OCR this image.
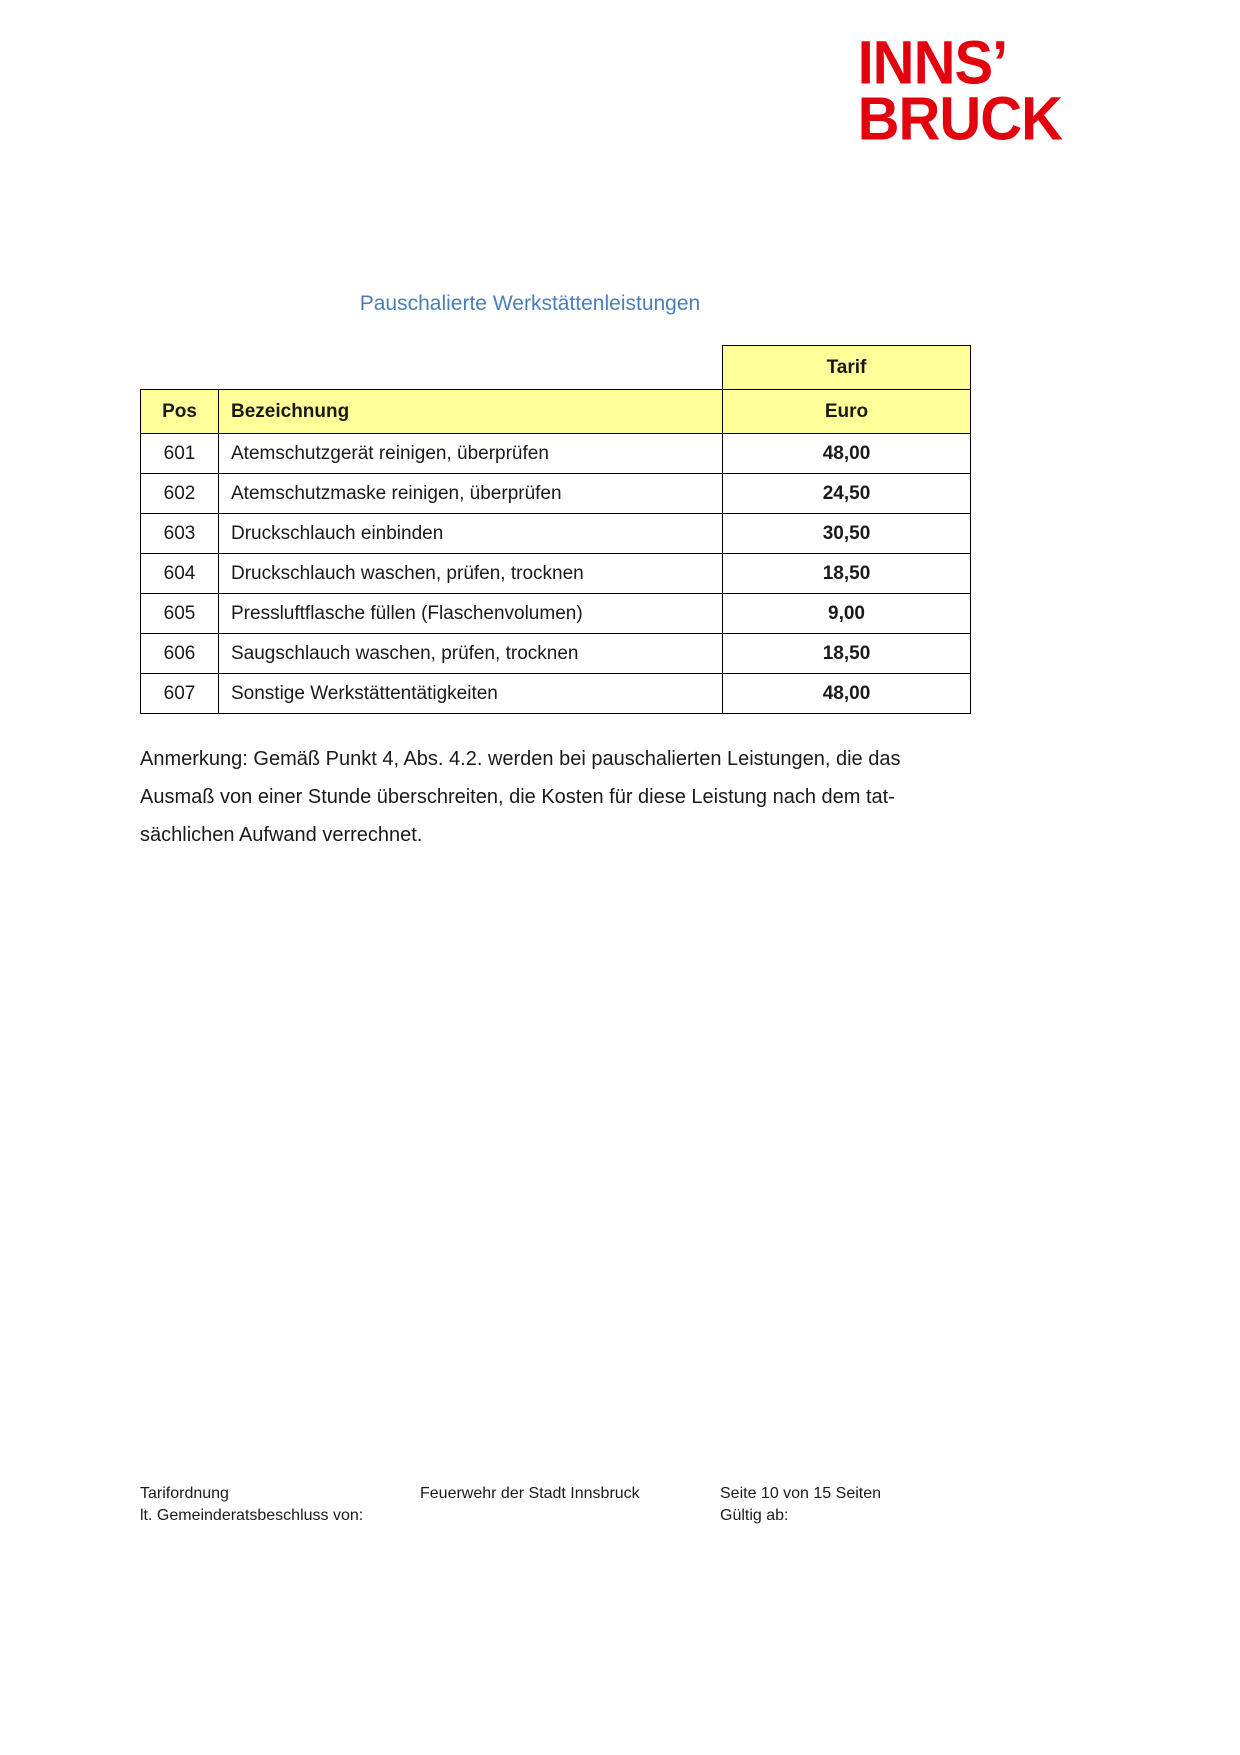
INNS’
BRUCK
Pauschalierte Werkstättenleistungen
		Tarif
Pos	Bezeichnung	Euro
601	Atemschutzgerät reinigen, überprüfen	48,00
602	Atemschutzmaske reinigen, überprüfen	24,50
603	Druckschlauch einbinden	30,50
604	Druckschlauch waschen, prüfen, trocknen	18,50
605	Pressluftflasche füllen (Flaschenvolumen)	9,00
606	Saugschlauch waschen, prüfen, trocknen	18,50
607	Sonstige Werkstättentätigkeiten	48,00
Anmerkung: Gemäß Punkt 4, Abs. 4.2. werden bei pauschalierten Leistungen, die das
Ausmaß von einer Stunde überschreiten, die Kosten für diese Leistung nach dem tat-
sächlichen Aufwand verrechnet.
Tarifordnung
lt. Gemeinderatsbeschluss von:
Feuerwehr der Stadt Innsbruck	Seite 10 von 15 Seiten
Gültig ab:
